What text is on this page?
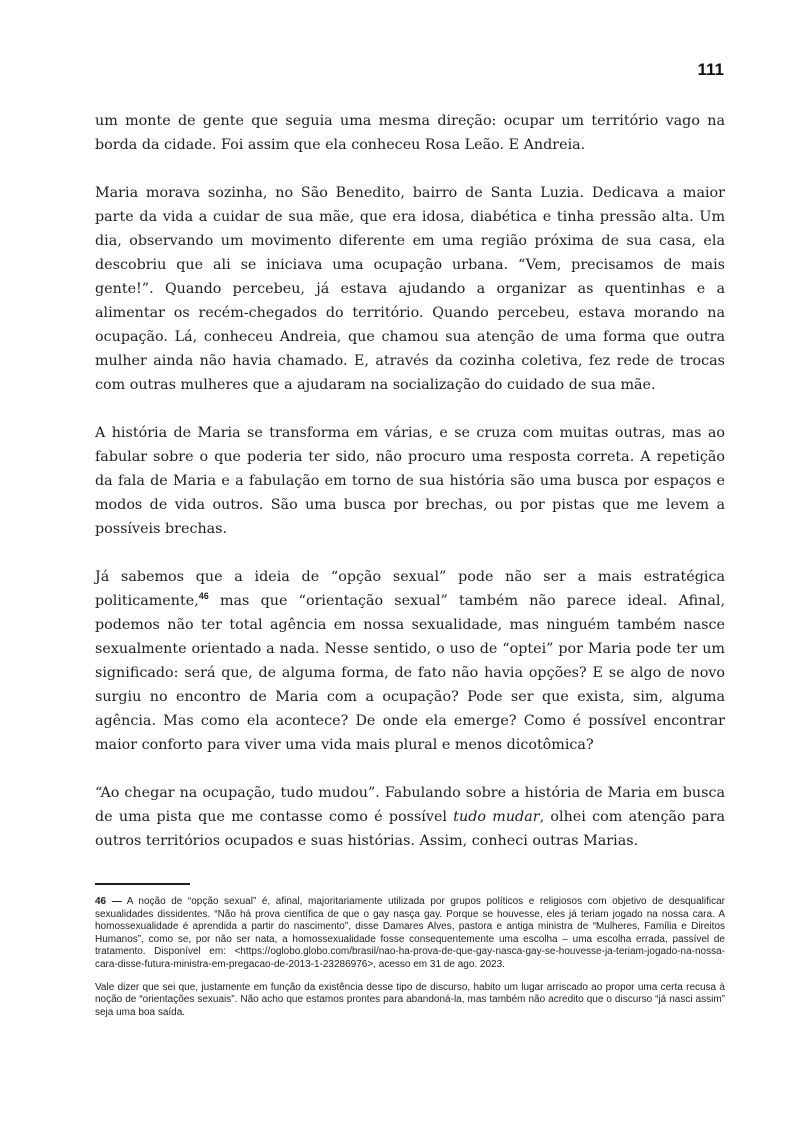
111

um monte de gente que seguia uma mesma direção: ocupar um território vago na borda da cidade. Foi assim que ela conheceu Rosa Leão. E Andreia.

Maria morava sozinha, no São Benedito, bairro de Santa Luzia. Dedicava a maior parte da vida a cuidar de sua mãe, que era idosa, diabética e tinha pressão alta. Um dia, observando um movimento diferente em uma região próxima de sua casa, ela descobriu que ali se iniciava uma ocupação urbana. “Vem, precisamos de mais gente!”. Quando percebeu, já estava ajudando a organizar as quentinhas e a alimentar os recém-chegados do território. Quando percebeu, estava morando na ocupação. Lá, conheceu Andreia, que chamou sua atenção de uma forma que outra mulher ainda não havia chamado. E, através da cozinha coletiva, fez rede de trocas com outras mulheres que a ajudaram na socialização do cuidado de sua mãe.

A história de Maria se transforma em várias, e se cruza com muitas outras, mas ao fabular sobre o que poderia ter sido, não procuro uma resposta correta. A repetição da fala de Maria e a fabulação em torno de sua história são uma busca por espaços e modos de vida outros. São uma busca por brechas, ou por pistas que me levem a possíveis brechas.

Já sabemos que a ideia de “opção sexual” pode não ser a mais estratégica politicamente,$^{46}$ mas que “orientação sexual” também não parece ideal. Afinal, podemos não ter total agência em nossa sexualidade, mas ninguém também nasce sexualmente orientado a nada. Nesse sentido, o uso de “optei” por Maria pode ter um significado: será que, de alguma forma, de fato não havia opções? E se algo de novo surgiu no encontro de Maria com a ocupação? Pode ser que exista, sim, alguma agência. Mas como ela acontece? De onde ela emerge? Como é possível encontrar maior conforto para viver uma vida mais plural e menos dicotômica?

“Ao chegar na ocupação, tudo mudou”. Fabulando sobre a história de Maria em busca de uma pista que me contasse como é possível tudo mudar, olhei com atenção para outros territórios ocupados e suas histórias. Assim, conheci outras Marias.

46 — A noção de “opção sexual” é, afinal, majoritariamente utilizada por grupos políticos e religiosos com objetivo de desqualificar sexualidades dissidentes. “Não há prova científica de que o gay nasça gay. Porque se houvesse, eles já teriam jogado na nossa cara. A homossexualidade é aprendida a partir do nascimento”, disse Damares Alves, pastora e antiga ministra de “Mulheres, Família e Direitos Humanos”, como se, por não ser nata, a homossexualidade fosse consequentemente uma escolha – uma escolha errada, passível de tratamento. Disponível em: <https://oglobo.globo.com/brasil/nao-ha-prova-de-que-gay-nasca-gay-se-houvesse-ja-teriam-jogado-na-nossa-cara-disse-futura-ministra-em-pregacao-de-2013-1-23286976>, acesso em 31 de ago. 2023.

Vale dizer que sei que, justamente em função da existência desse tipo de discurso, habito um lugar arriscado ao propor uma certa recusa à noção de “orientações sexuais”. Não acho que estamos prontes para abandoná-la, mas também não acredito que o discurso “já nasci assim” seja uma boa saída.
